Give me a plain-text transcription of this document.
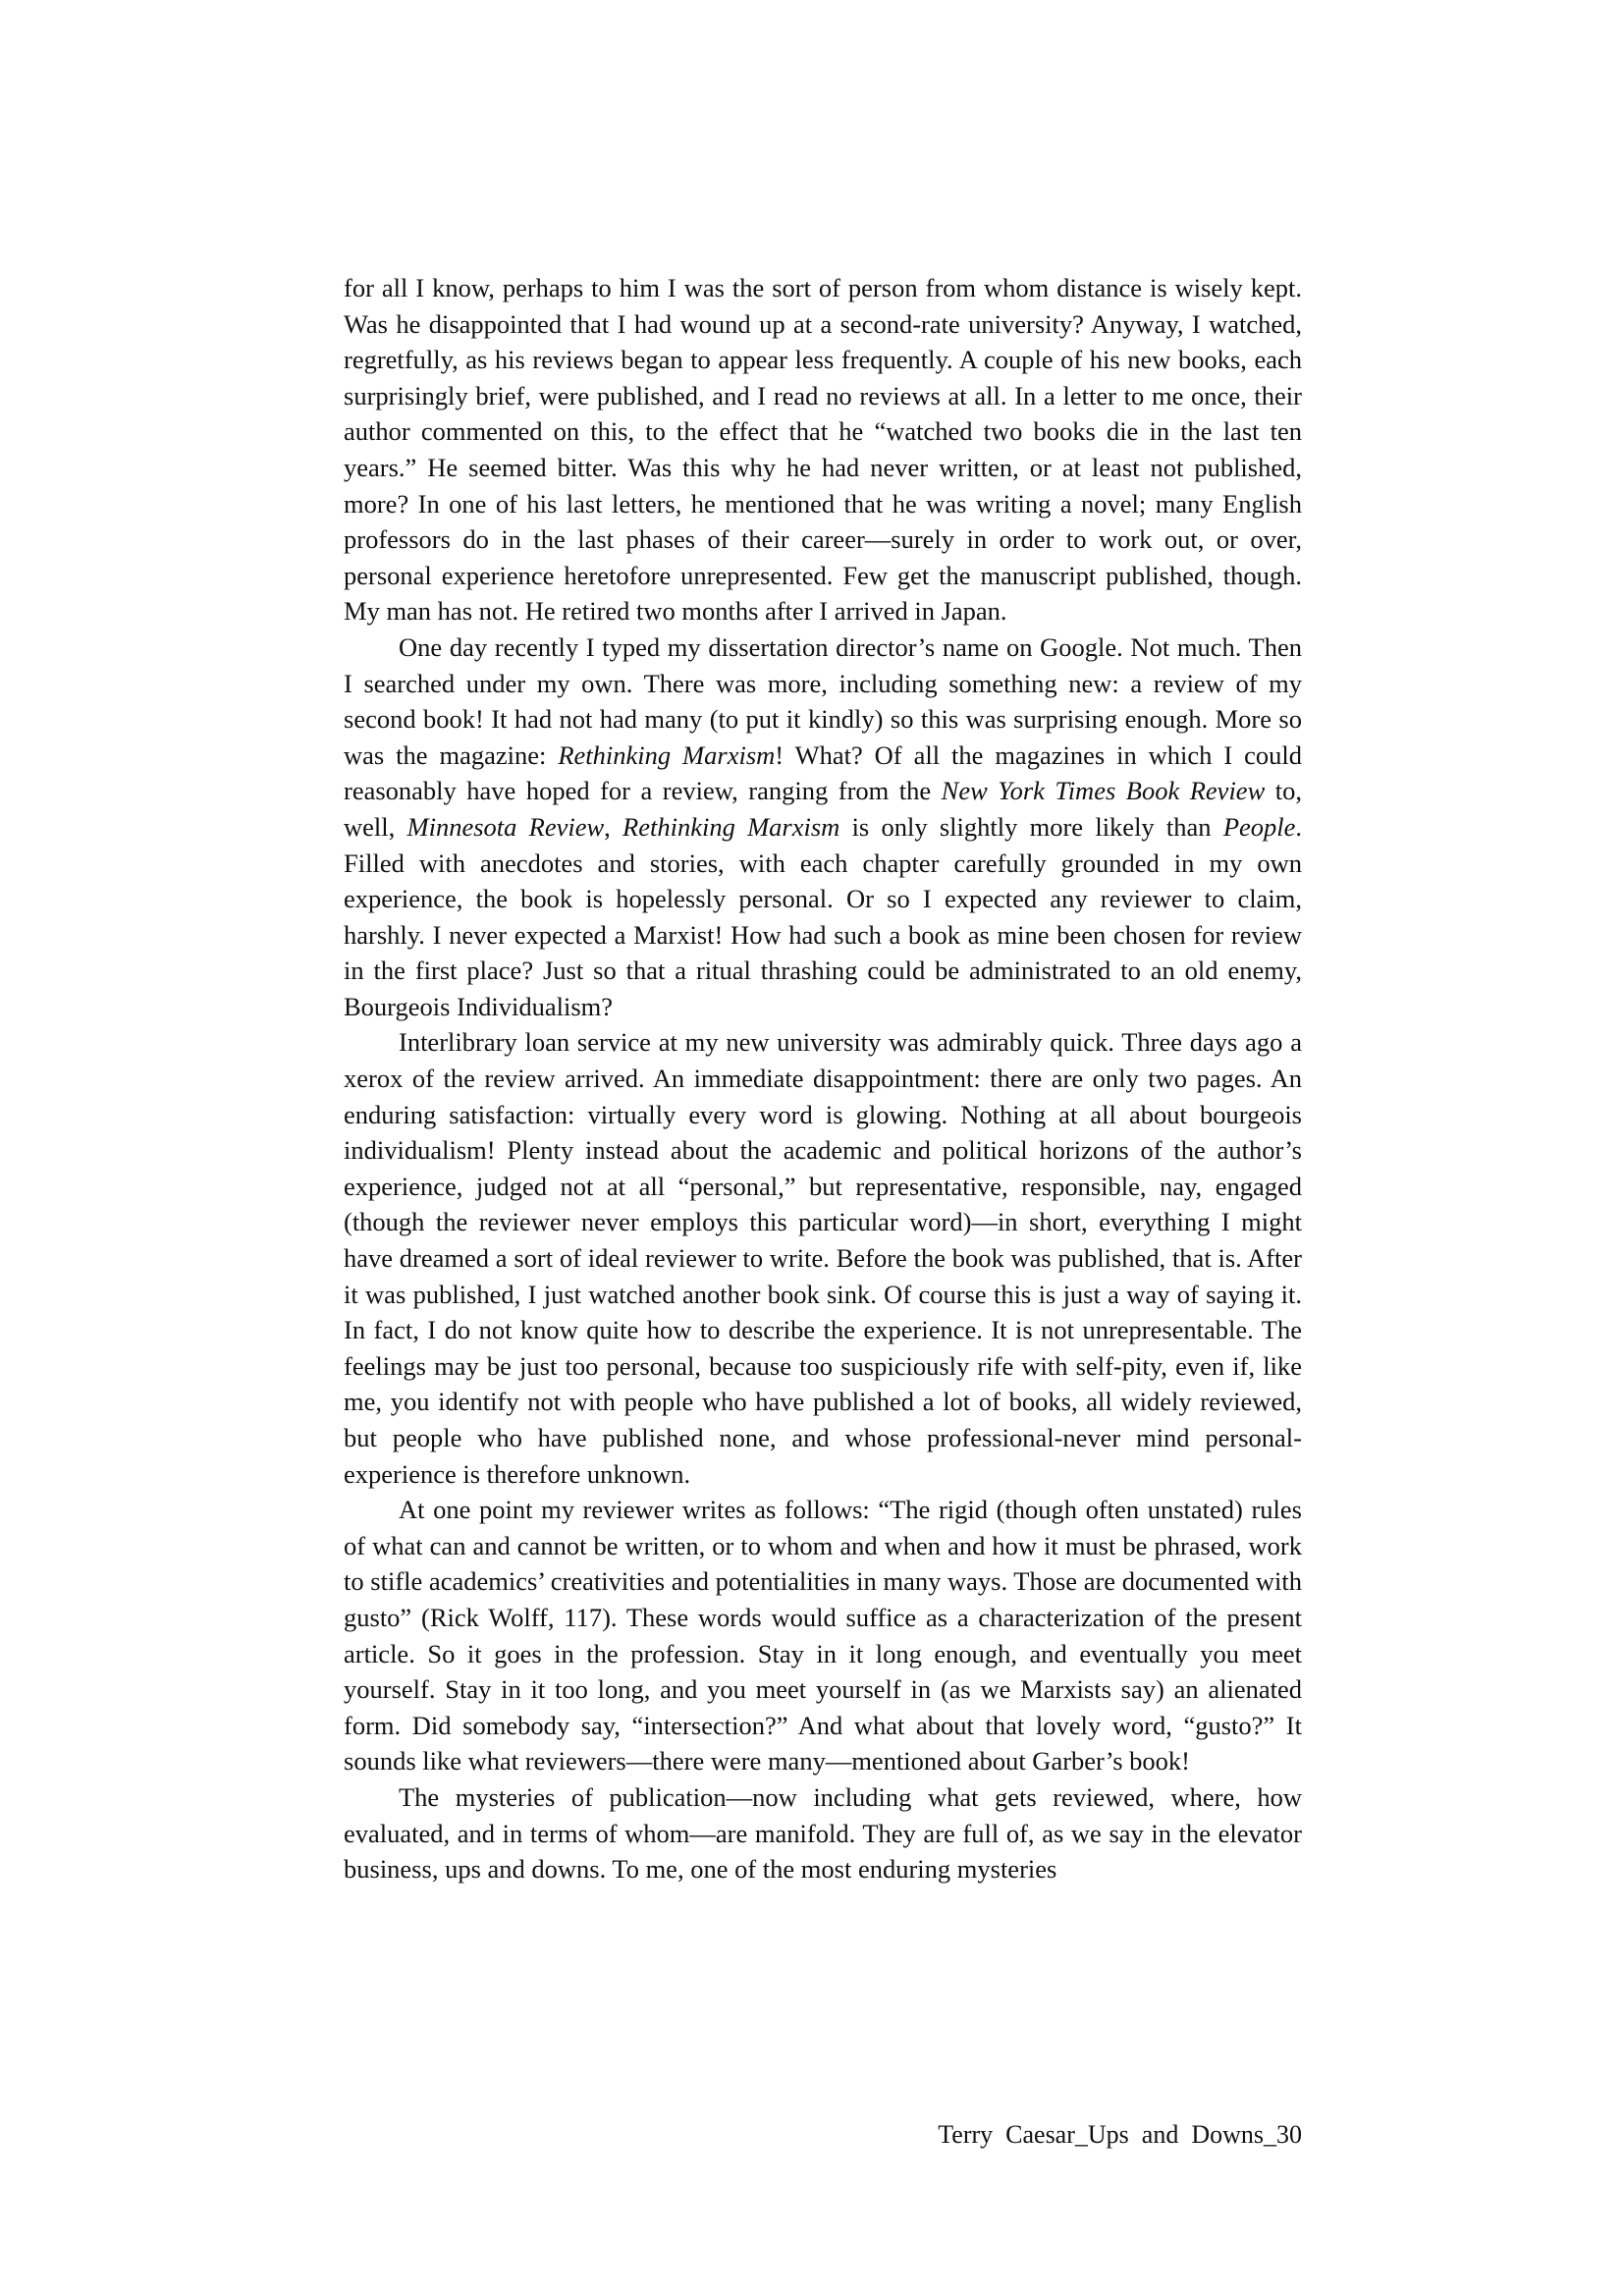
for all I know, perhaps to him I was the sort of person from whom distance is wisely kept. Was he disappointed that I had wound up at a second-rate university? Anyway, I watched, regretfully, as his reviews began to appear less frequently. A couple of his new books, each surprisingly brief, were published, and I read no reviews at all. In a letter to me once, their author commented on this, to the effect that he “watched two books die in the last ten years.” He seemed bitter. Was this why he had never written, or at least not published, more? In one of his last letters, he mentioned that he was writing a novel; many English professors do in the last phases of their career—surely in order to work out, or over, personal experience heretofore unrepresented. Few get the manuscript published, though. My man has not. He retired two months after I arrived in Japan.

One day recently I typed my dissertation director’s name on Google. Not much. Then I searched under my own. There was more, including something new: a review of my second book! It had not had many (to put it kindly) so this was surprising enough. More so was the magazine: Rethinking Marxism! What? Of all the magazines in which I could reasonably have hoped for a review, ranging from the New York Times Book Review to, well, Minnesota Review, Rethinking Marxism is only slightly more likely than People. Filled with anecdotes and stories, with each chapter carefully grounded in my own experience, the book is hopelessly personal. Or so I expected any reviewer to claim, harshly. I never expected a Marxist! How had such a book as mine been chosen for review in the first place? Just so that a ritual thrashing could be administrated to an old enemy, Bourgeois Individualism?

Interlibrary loan service at my new university was admirably quick. Three days ago a xerox of the review arrived. An immediate disappointment: there are only two pages. An enduring satisfaction: virtually every word is glowing. Nothing at all about bourgeois individualism! Plenty instead about the academic and political horizons of the author’s experience, judged not at all “personal,” but representative, responsible, nay, engaged (though the reviewer never employs this particular word)—in short, everything I might have dreamed a sort of ideal reviewer to write. Before the book was published, that is. After it was published, I just watched another book sink. Of course this is just a way of saying it. In fact, I do not know quite how to describe the experience. It is not unrepresentable. The feelings may be just too personal, because too suspiciously rife with self-pity, even if, like me, you identify not with people who have published a lot of books, all widely reviewed, but people who have published none, and whose professional-never mind personal-experience is therefore unknown.

At one point my reviewer writes as follows: “The rigid (though often unstated) rules of what can and cannot be written, or to whom and when and how it must be phrased, work to stifle academics’ creativities and potentialities in many ways. Those are documented with gusto” (Rick Wolff, 117). These words would suffice as a characterization of the present article. So it goes in the profession. Stay in it long enough, and eventually you meet yourself. Stay in it too long, and you meet yourself in (as we Marxists say) an alienated form. Did somebody say, “intersection?” And what about that lovely word, “gusto?” It sounds like what reviewers—there were many—mentioned about Garber’s book!

The mysteries of publication—now including what gets reviewed, where, how evaluated, and in terms of whom—are manifold. They are full of, as we say in the elevator business, ups and downs. To me, one of the most enduring mysteries

Terry  Caesar_Ups  and  Downs_30
